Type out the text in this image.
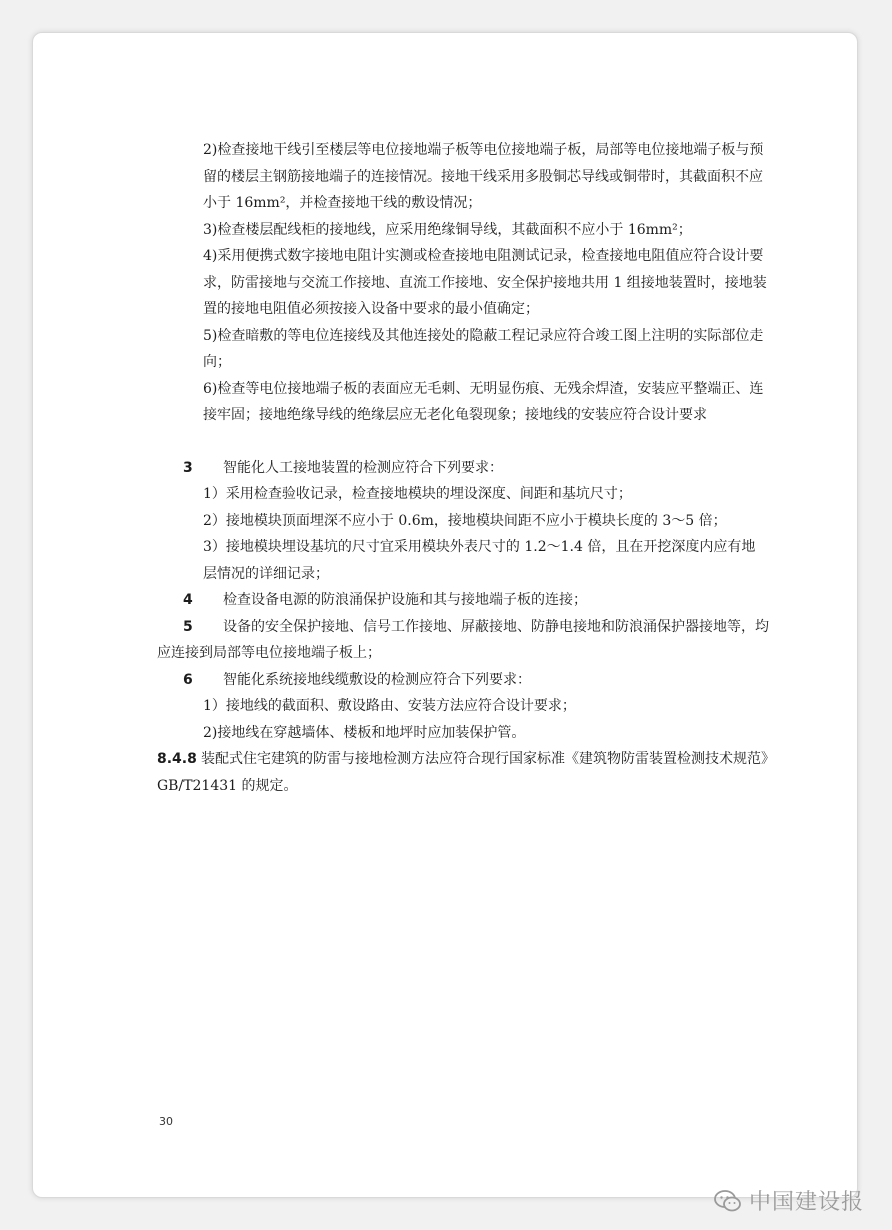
2)检查接地干线引至楼层等电位接地端子板等电位接地端子板，局部等电位接地端子板与预留的楼层主钢筋接地端子的连接情况。接地干线采用多股铜芯导线或铜带时，其截面积不应小于 16mm²，并检查接地干线的敷设情况；

3)检查楼层配线柜的接地线，应采用绝缘铜导线，其截面积不应小于 16mm²；

4)采用便携式数字接地电阻计实测或检查接地电阻测试记录，检查接地电阻值应符合设计要求，防雷接地与交流工作接地、直流工作接地、安全保护接地共用 1 组接地装置时，接地装置的接地电阻值必须按接入设备中要求的最小值确定；

5)检查暗敷的等电位连接线及其他连接处的隐蔽工程记录应符合竣工图上注明的实际部位走向；

6)检查等电位接地端子板的表面应无毛刺、无明显伤痕、无残余焊渣，安装应平整端正、连接牢固；接地绝缘导线的绝缘层应无老化龟裂现象；接地线的安装应符合设计要求

3 智能化人工接地装置的检测应符合下列要求：

1）采用检查验收记录，检查接地模块的埋设深度、间距和基坑尺寸；

2）接地模块顶面埋深不应小于 0.6m，接地模块间距不应小于模块长度的 3～5 倍；

3）接地模块埋设基坑的尺寸宜采用模块外表尺寸的 1.2～1.4 倍，且在开挖深度内应有地层情况的详细记录；

4 检查设备电源的防浪涌保护设施和其与接地端子板的连接；

5 设备的安全保护接地、信号工作接地、屏蔽接地、防静电接地和防浪涌保护器接地等，均应连接到局部等电位接地端子板上；

6 智能化系统接地线缆敷设的检测应符合下列要求：

1）接地线的截面积、敷设路由、安装方法应符合设计要求；

2)接地线在穿越墙体、楼板和地坪时应加装保护管。

8.4.8 装配式住宅建筑的防雷与接地检测方法应符合现行国家标准《建筑物防雷装置检测技术规范》GB/T21431 的规定。

30
中国建设报
